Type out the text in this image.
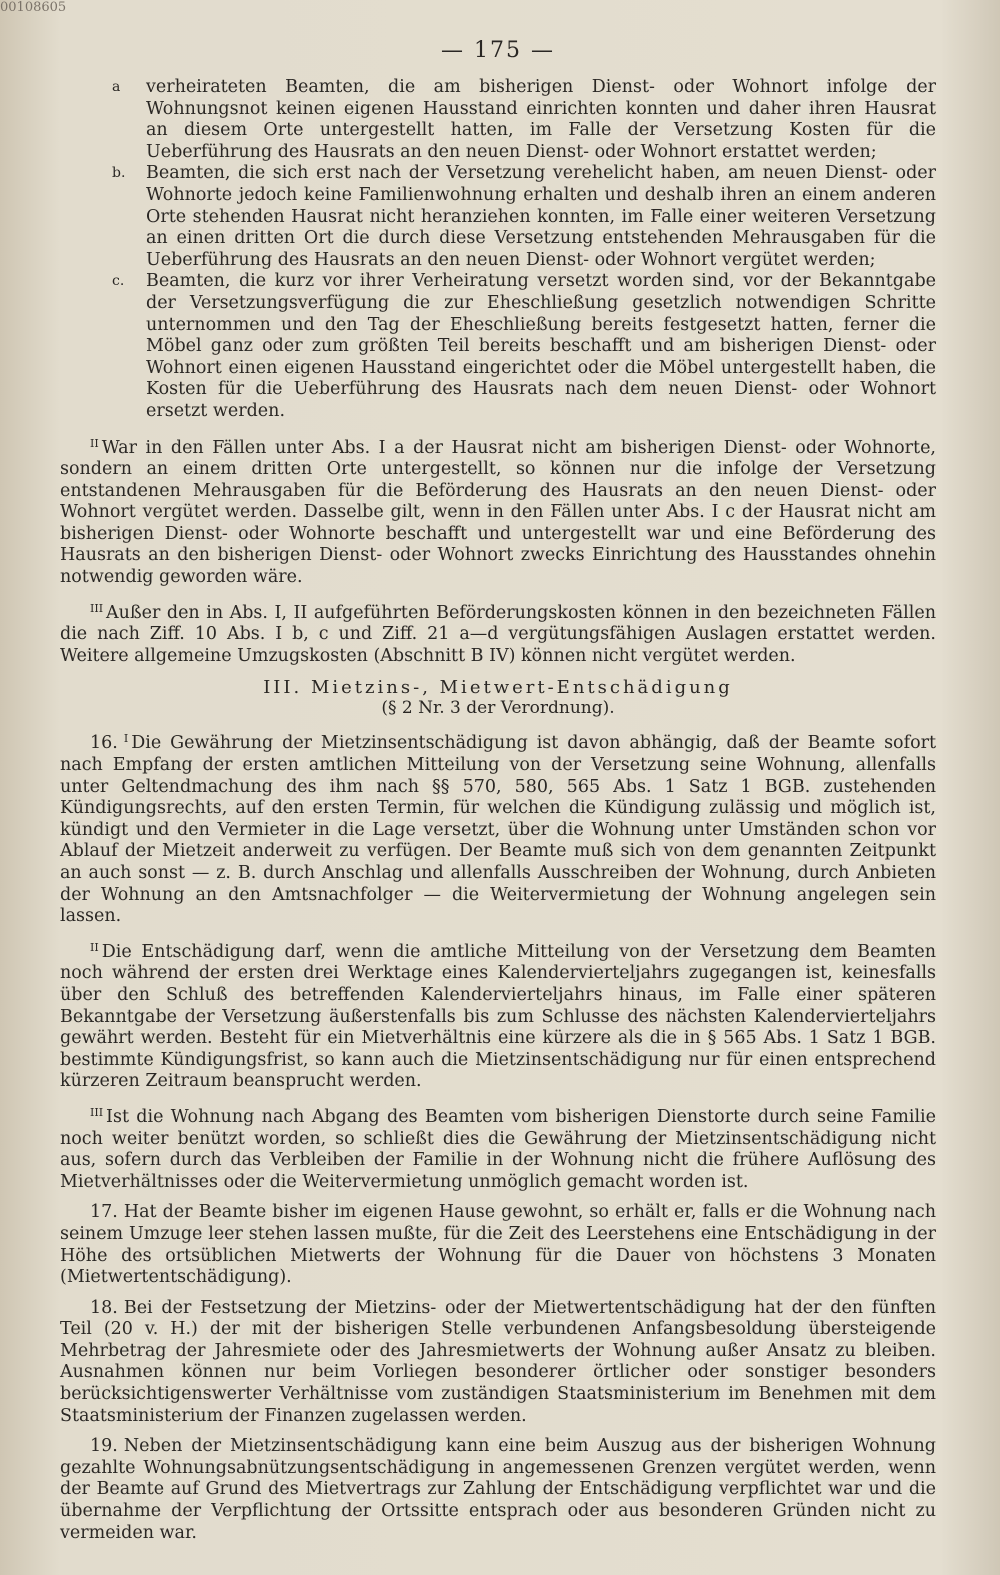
00108605
— 175 —
a verheirateten Beamten, die am bisherigen Dienst- oder Wohnort infolge der Wohnungsnot keinen eigenen Hausstand einrichten konnten und daher ihren Hausrat an diesem Orte untergestellt hatten, im Falle der Versetzung Kosten für die Ueberführung des Hausrats an den neuen Dienst- oder Wohnort erstattet werden;
b. Beamten, die sich erst nach der Versetzung verehelicht haben, am neuen Dienst- oder Wohnorte jedoch keine Familienwohnung erhalten und deshalb ihren an einem anderen Orte stehenden Hausrat nicht heranziehen konnten, im Falle einer weiteren Versetzung an einen dritten Ort die durch diese Versetzung entstehenden Mehrausgaben für die Ueberführung des Hausrats an den neuen Dienst- oder Wohnort vergütet werden;
c. Beamten, die kurz vor ihrer Verheiratung versetzt worden sind, vor der Bekanntgabe der Versetzungsverfügung die zur Eheschließung gesetzlich notwendigen Schritte unternommen und den Tag der Eheschließung bereits festgesetzt hatten, ferner die Möbel ganz oder zum größten Teil bereits beschafft und am bisherigen Dienst- oder Wohnort einen eigenen Hausstand eingerichtet oder die Möbel untergestellt haben, die Kosten für die Ueberführung des Hausrats nach dem neuen Dienst- oder Wohnort ersetzt werden.

$^{II}$ War in den Fällen unter Abs. I a der Hausrat nicht am bisherigen Dienst- oder Wohnorte, sondern an einem dritten Orte untergestellt, so können nur die infolge der Versetzung entstandenen Mehrausgaben für die Beförderung des Hausrats an den neuen Dienst- oder Wohnort vergütet werden. Dasselbe gilt, wenn in den Fällen unter Abs. I c der Hausrat nicht am bisherigen Dienst- oder Wohnorte beschafft und untergestellt war und eine Beförderung des Hausrats an den bisherigen Dienst- oder Wohnort zwecks Einrichtung des Hausstandes ohnehin notwendig geworden wäre.

$^{III}$ Außer den in Abs. I, II aufgeführten Beförderungskosten können in den bezeichneten Fällen die nach Ziff. 10 Abs. I b, c und Ziff. 21 a—d vergütungsfähigen Auslagen erstattet werden. Weitere allgemeine Umzugskosten (Abschnitt B IV) können nicht vergütet werden.

III. Mietzins-, Mietwert-Entschädigung
(§ 2 Nr. 3 der Verordnung).

16. $^I$ Die Gewährung der Mietzinsentschädigung ist davon abhängig, daß der Beamte sofort nach Empfang der ersten amtlichen Mitteilung von der Versetzung seine Wohnung, allenfalls unter Geltendmachung des ihm nach §§ 570, 580, 565 Abs. 1 Satz 1 BGB. zustehenden Kündigungsrechts, auf den ersten Termin, für welchen die Kündigung zulässig und möglich ist, kündigt und den Vermieter in die Lage versetzt, über die Wohnung unter Umständen schon vor Ablauf der Mietzeit anderweit zu verfügen. Der Beamte muß sich von dem genannten Zeitpunkt an auch sonst — z. B. durch Anschlag und allenfalls Ausschreiben der Wohnung, durch Anbieten der Wohnung an den Amtsnachfolger — die Weitervermietung der Wohnung angelegen sein lassen.

$^{II}$ Die Entschädigung darf, wenn die amtliche Mitteilung von der Versetzung dem Beamten noch während der ersten drei Werktage eines Kalendervierteljahrs zugegangen ist, keinesfalls über den Schluß des betreffenden Kalendervierteljahrs hinaus, im Falle einer späteren Bekanntgabe der Versetzung äußerstenfalls bis zum Schlusse des nächsten Kalendervierteljahrs gewährt werden. Besteht für ein Mietverhältnis eine kürzere als die in § 565 Abs. 1 Satz 1 BGB. bestimmte Kündigungsfrist, so kann auch die Mietzinsentschädigung nur für einen entsprechend kürzeren Zeitraum beansprucht werden.

$^{III}$ Ist die Wohnung nach Abgang des Beamten vom bisherigen Dienstorte durch seine Familie noch weiter benützt worden, so schließt dies die Gewährung der Mietzinsentschädigung nicht aus, sofern durch das Verbleiben der Familie in der Wohnung nicht die frühere Auflösung des Mietverhältnisses oder die Weitervermietung unmöglich gemacht worden ist.

17. Hat der Beamte bisher im eigenen Hause gewohnt, so erhält er, falls er die Wohnung nach seinem Umzuge leer stehen lassen mußte, für die Zeit des Leerstehens eine Entschädigung in der Höhe des ortsüblichen Mietwerts der Wohnung für die Dauer von höchstens 3 Monaten (Mietwertentschädigung).

18. Bei der Festsetzung der Mietzins- oder der Mietwertentschädigung hat der den fünften Teil (20 v. H.) der mit der bisherigen Stelle verbundenen Anfangsbesoldung übersteigende Mehrbetrag der Jahresmiete oder des Jahresmietwerts der Wohnung außer Ansatz zu bleiben. Ausnahmen können nur beim Vorliegen besonderer örtlicher oder sonstiger besonders berücksichtigenswerter Verhältnisse vom zuständigen Staatsministerium im Benehmen mit dem Staatsministerium der Finanzen zugelassen werden.

19. Neben der Mietzinsentschädigung kann eine beim Auszug aus der bisherigen Wohnung gezahlte Wohnungsabnützungsentschädigung in angemessenen Grenzen vergütet werden, wenn der Beamte auf Grund des Mietvertrags zur Zahlung der Entschädigung verpflichtet war und die übernahme der Verpflichtung der Ortssitte entsprach oder aus besonderen Gründen nicht zu vermeiden war.
